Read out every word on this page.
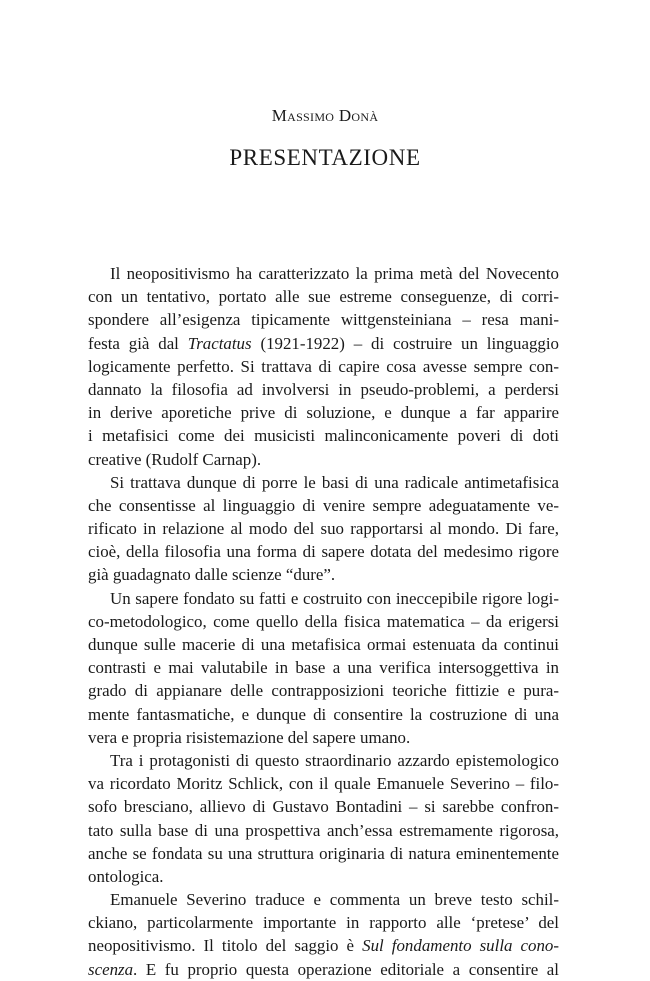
Massimo Donà

PRESENTAZIONE
Il neopositivismo ha caratterizzato la prima metà del Novecento
con un tentativo, portato alle sue estreme conseguenze, di corri-
spondere all’esigenza tipicamente wittgensteiniana – resa mani-
festa già dal Tractatus (1921-1922) – di costruire un linguaggio
logicamente perfetto. Si trattava di capire cosa avesse sempre con-
dannato la filosofia ad involversi in pseudo-problemi, a perdersi
in derive aporetiche prive di soluzione, e dunque a far apparire
i metafisici come dei musicisti malinconicamente poveri di doti
creative (Rudolf Carnap).
Si trattava dunque di porre le basi di una radicale antimetafisica
che consentisse al linguaggio di venire sempre adeguatamente ve-
rificato in relazione al modo del suo rapportarsi al mondo. Di fare,
cioè, della filosofia una forma di sapere dotata del medesimo rigore
già guadagnato dalle scienze “dure”.
Un sapere fondato su fatti e costruito con ineccepibile rigore logi-
co-metodologico, come quello della fisica matematica – da erigersi
dunque sulle macerie di una metafisica ormai estenuata da continui
contrasti e mai valutabile in base a una verifica intersoggettiva in
grado di appianare delle contrapposizioni teoriche fittizie e pura-
mente fantasmatiche, e dunque di consentire la costruzione di una
vera e propria risistemazione del sapere umano.
Tra i protagonisti di questo straordinario azzardo epistemologico
va ricordato Moritz Schlick, con il quale Emanuele Severino – filo-
sofo bresciano, allievo di Gustavo Bontadini – si sarebbe confron-
tato sulla base di una prospettiva anch’essa estremamente rigorosa,
anche se fondata su una struttura originaria di natura eminentemente
ontologica.
Emanuele Severino traduce e commenta un breve testo schil-
ckiano, particolarmente importante in rapporto alle ‘pretese’ del
neopositivismo. Il titolo del saggio è Sul fondamento sulla cono-
scenza. E fu proprio questa operazione editoriale a consentire al
